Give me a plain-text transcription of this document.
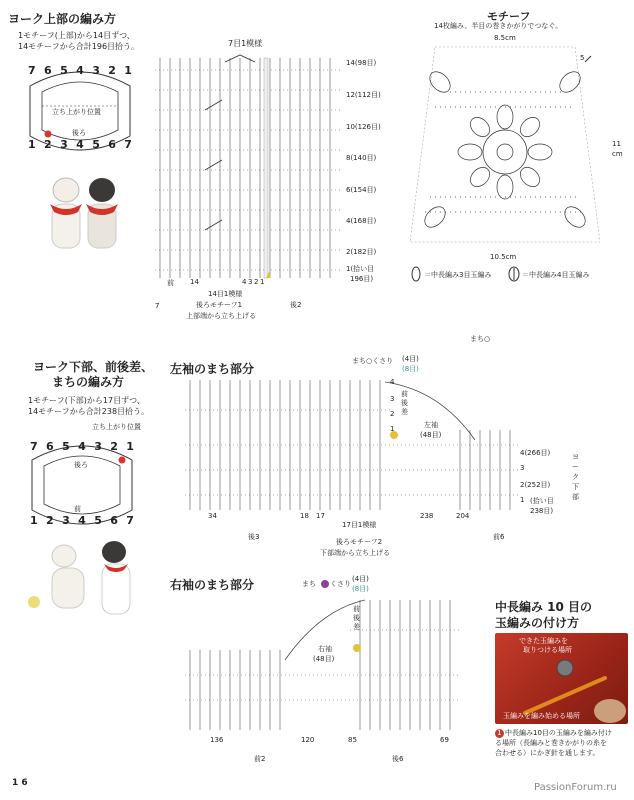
ヨーク上部の編み方
1モチーフ(上部)から14目ずつ、
14モチーフから合計196目拾う。
7 6 5 4 3 2 1
1 2 3 4 5 6 7
立ち上がり位置
後ろ
7目1模様
14(98目)
12(112目)
10(126目)
8(140目)
6(154目)
4(168目)
2(182目)
1(拾い目
196目)
前 14	4 3 2 1
14目1模様
7	後ろモチーフ1
上部端から立ち上げる
後2
モチーフ
14枚編み、半目の巻きかがりでつなぐ。
8.5cm
5
11
cm
10.5cm
＝中長編み3目玉編み	＝中長編み4目玉編み
まち○
ヨーク下部、前後差、
まちの編み方
1モチーフ(下部)から17目ずつ、
14モチーフから合計238目拾う。
立ち上がり位置
7 6 5 4 3 2 1
後ろ
前
1 2 3 4 5 6 7
左袖のまち部分
まち○くさり (4目)
(8目)
4
3
2
1
前後差
左袖
(48目)
4(266目)
3
2(252目)
1 (拾い目
238目)
ヨーク下部
34	18 17	238	204
後3
17目1模様
前6
後ろモチーフ2
下部端から立ち上げる
右袖のまち部分	まち くさり
(4目)
(8目)
前後差
右袖
(48目)
136	120	85	69
前2	後6
中長編み 10 目の
玉編みの付け方
できた玉編みを
取りつける場所
玉編みを編み始める場所
1 中長編み10目の玉編みを編み付け
る場所（長編みと巻きかがりの糸を
合わせる）にかぎ針を通します。
1 6	PassionForum.ru
